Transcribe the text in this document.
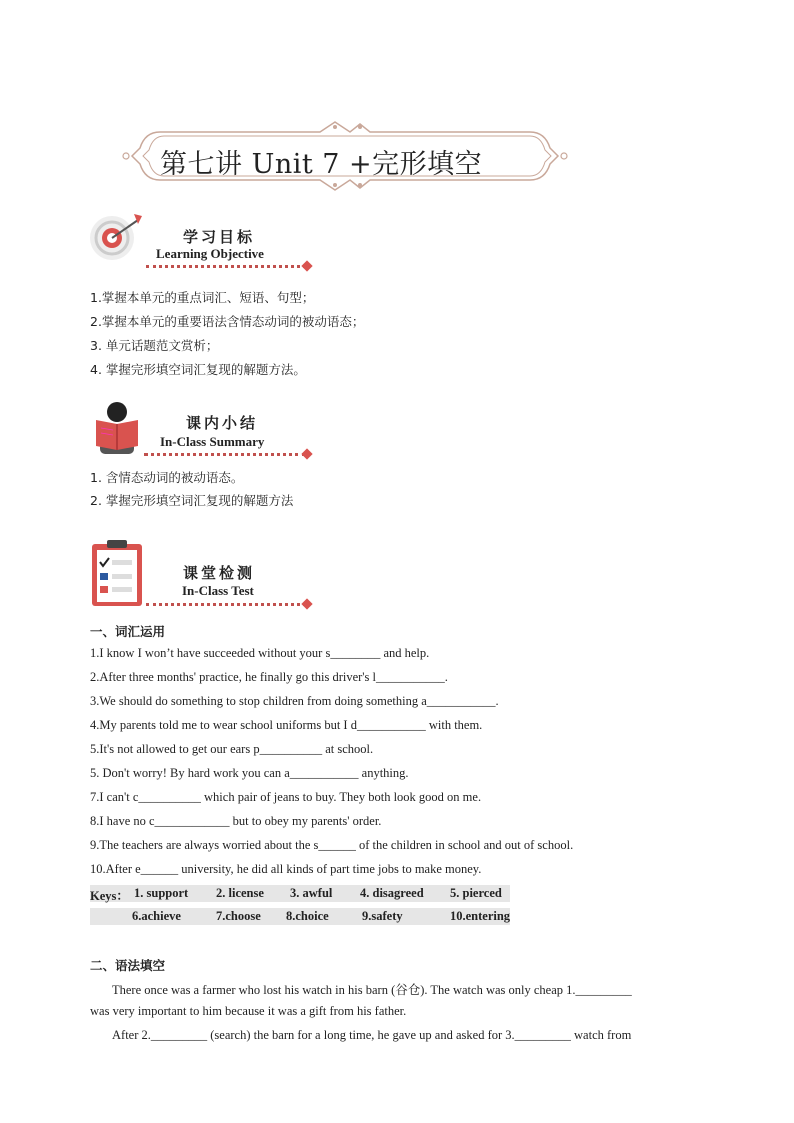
第七讲 Unit 7 +完形填空
学习目标
Learning Objective
1.掌握本单元的重点词汇、短语、句型；
2.掌握本单元的重要语法含情态动词的被动语态；
3. 单元话题范文赏析；
4. 掌握完形填空词汇复现的解题方法。
课内小结
In-Class Summary
1. 含情态动词的被动语态。
2. 掌握完形填空词汇复现的解题方法
课堂检测
In-Class Test
一、词汇运用
1.I know I won’t have succeeded without your s________ and help.
2.After three months' practice, he finally go this driver's l___________.
3.We should do something to stop children from doing something a___________.
4.My parents told me to wear school uniforms but I d___________ with them.
5.It's not allowed to get our ears p__________ at school.
5. Don't worry! By hard work you can a___________ anything.
7.I can't c__________ which pair of jeans to buy. They both look good on me.
8.I have no c____________ but to obey my parents' order.
9.The teachers are always worried about the s______ of the children in school and out of school.
10.After e______ university, he did all kinds of part time jobs to make money.
Keys： 1. support 2. license 3. awful 4. disagreed 5. pierced
6.achieve	7.choose 8.choice	9.safety	10.entering
二、语法填空
There once was a farmer who lost his watch in his barn (谷仓). The watch was only cheap 1._________
was very important to him because it was a gift from his father.
After 2._________ (search) the barn for a long time, he gave up and asked for 3._________ watch from
